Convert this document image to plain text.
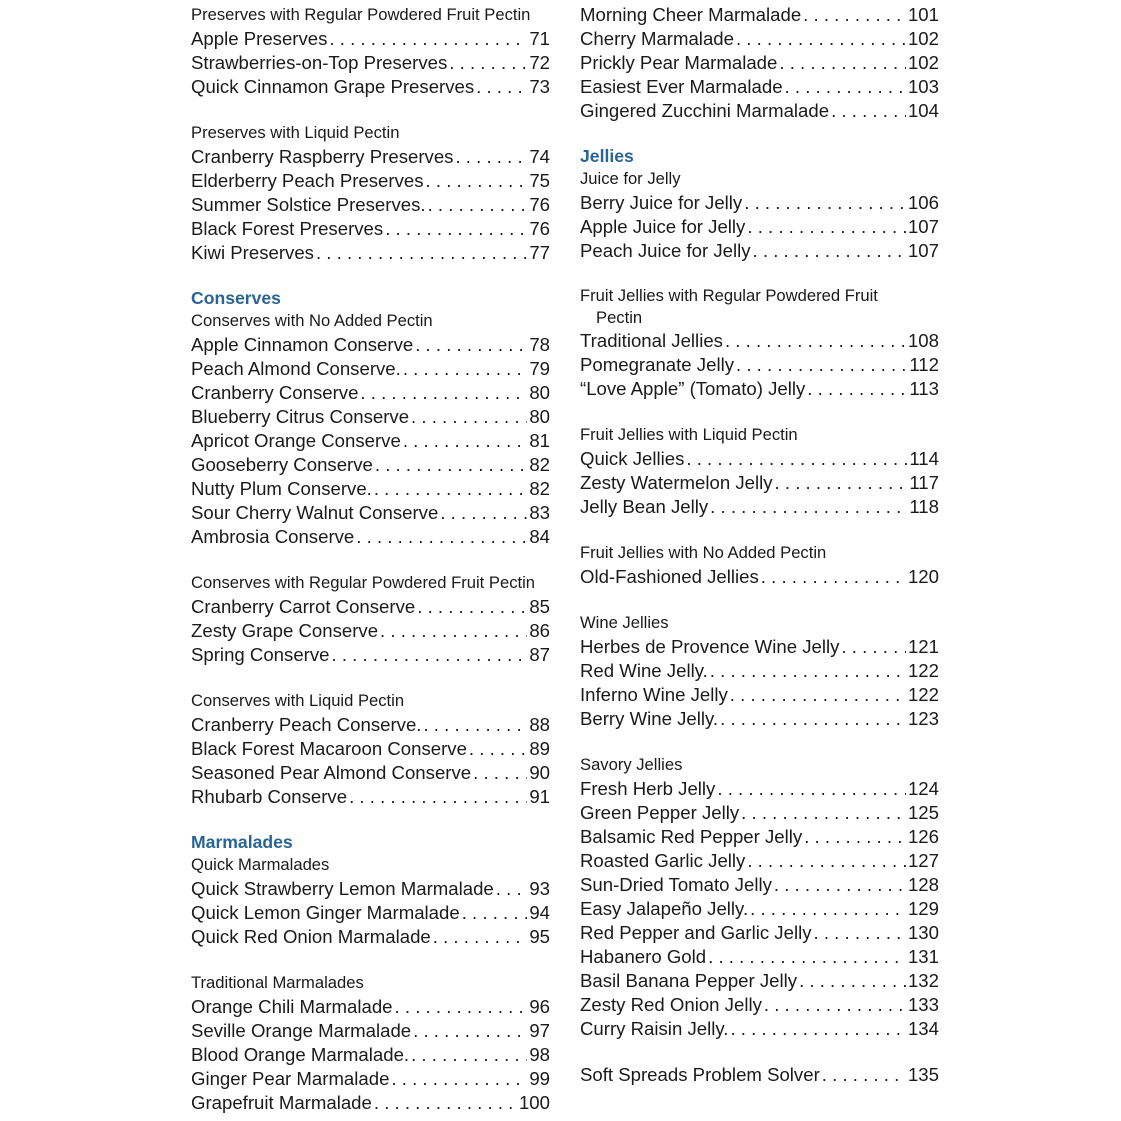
Preserves with Regular Powdered Fruit Pectin
Apple Preserves . . .	71
Strawberries-on-Top Preserves . . .	72
Quick Cinnamon Grape Preserves . . .	73
Preserves with Liquid Pectin
Cranberry Raspberry Preserves . . .	74
Elderberry Peach Preserves . . .	75
Summer Solstice Preserves. . . .	76
Black Forest Preserves . . .	76
Kiwi Preserves . . .	77
Conserves
Conserves with No Added Pectin
Apple Cinnamon Conserve . . .	78
Peach Almond Conserve. . . .	79
Cranberry Conserve . . .	80
Blueberry Citrus Conserve . . .	80
Apricot Orange Conserve . . .	81
Gooseberry Conserve . . .	82
Nutty Plum Conserve. . . .	82
Sour Cherry Walnut Conserve . . .	83
Ambrosia Conserve . . .	84
Conserves with Regular Powdered Fruit Pectin
Cranberry Carrot Conserve . . .	85
Zesty Grape Conserve . . .	86
Spring Conserve . . .	87
Conserves with Liquid Pectin
Cranberry Peach Conserve. . . .	88
Black Forest Macaroon Conserve . . .	89
Seasoned Pear Almond Conserve . . .	90
Rhubarb Conserve . . .	91
Marmalades
Quick Marmalades
Quick Strawberry Lemon Marmalade . . . 93
Quick Lemon Ginger Marmalade . . .	94
Quick Red Onion Marmalade . . .	95
Traditional Marmalades
Orange Chili Marmalade . . .	96
Seville Orange Marmalade . . .	97
Blood Orange Marmalade. . . .	98
Ginger Pear Marmalade . . .	99
Grapefruit Marmalade . . .	100
Morning Cheer Marmalade . . .	101
Cherry Marmalade . . .	102
Prickly Pear Marmalade . . .	102
Easiest Ever Marmalade . . .	103
Gingered Zucchini Marmalade . . .	104
Jellies
Juice for Jelly
Berry Juice for Jelly . . .	106
Apple Juice for Jelly . . .	107
Peach Juice for Jelly . . .	107
Fruit Jellies with Regular Powdered Fruit
Pectin
Traditional Jellies . . .	108
Pomegranate Jelly . . .	112
“Love Apple” (Tomato) Jelly . . .	113
Fruit Jellies with Liquid Pectin
Quick Jellies . . .	114
Zesty Watermelon Jelly . . .	117
Jelly Bean Jelly . . .	118
Fruit Jellies with No Added Pectin
Old-Fashioned Jellies . . .	120
Wine Jellies
Herbes de Provence Wine Jelly . . .	121
Red Wine Jelly. . . .	122
Inferno Wine Jelly . . .	122
Berry Wine Jelly. . . .	123
Savory Jellies
Fresh Herb Jelly . . .	124
Green Pepper Jelly . . .	125
Balsamic Red Pepper Jelly . . .	126
Roasted Garlic Jelly . . .	127
Sun-Dried Tomato Jelly . . .	128
Easy Jalapeño Jelly. . . .	129
Red Pepper and Garlic Jelly . . .	130
Habanero Gold . . .	131
Basil Banana Pepper Jelly . . .	132
Zesty Red Onion Jelly . . .	133
Curry Raisin Jelly. . . .	134
Soft Spreads Problem Solver . . .	135
